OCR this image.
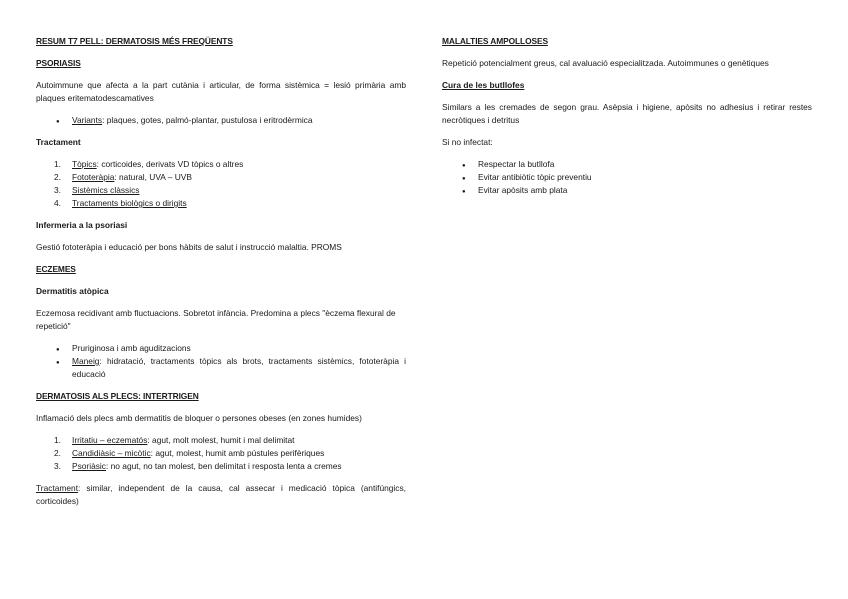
RESUM T7 PELL: DERMATOSIS MÉS FREQÜENTS

PSORIASIS

Autoimmune que afecta a la part cutània i articular, de forma sistèmica = lesió primària amb plaques eritematodescamatives

●
Variants: plaques, gotes, palmó-plantar, pustulosa i eritrodèrmica

Tractament

1.	Tòpics: corticoides, derivats VD tòpics o altres
2.	Fototeràpia: natural, UVA – UVB
3.	Sistèmics clàssics
4.	Tractaments biològics o dirigits

Infermeria a la psoriasi

Gestió fototeràpia i educació per bons hàbits de salut i instrucció malaltia. PROMS

ECZEMES

Dermatitis atòpica

Eczemosa recidivant amb fluctuacions. Sobretot infància. Predomina a plecs "èczema flexural de repetició"

●
Pruriginosa i amb aguditzacions
●
Maneig: hidratació, tractaments tòpics als brots, tractaments sistèmics, fototeràpia i educació

DERMATOSIS ALS PLECS: INTERTRIGEN

Inflamació dels plecs amb dermatitis de bloquer o persones obeses (en zones humides)

1.	Irritatiu – eczematós: agut, molt molest, humit i mal delimitat
2.	Candidiàsic – micòtic: agut, molest, humit amb pústules perifèriques
3.	Psoriàsic: no agut, no tan molest, ben delimitat i resposta lenta a cremes

Tractament: similar, independent de la causa, cal assecar i medicació tòpica (antifúngics, corticoides)

MALALTIES AMPOLLOSES

Repetició potencialment greus, cal avaluació especialitzada. Autoimmunes o genètiques

Cura de les butllofes

Similars a les cremades de segon grau. Asèpsia i higiene, apòsits no adhesius i retirar restes necròtiques i detritus

Si no infectat:

●
Respectar la butllofa
●
Evitar antibiòtic tòpic preventiu
●
Evitar apòsits amb plata
